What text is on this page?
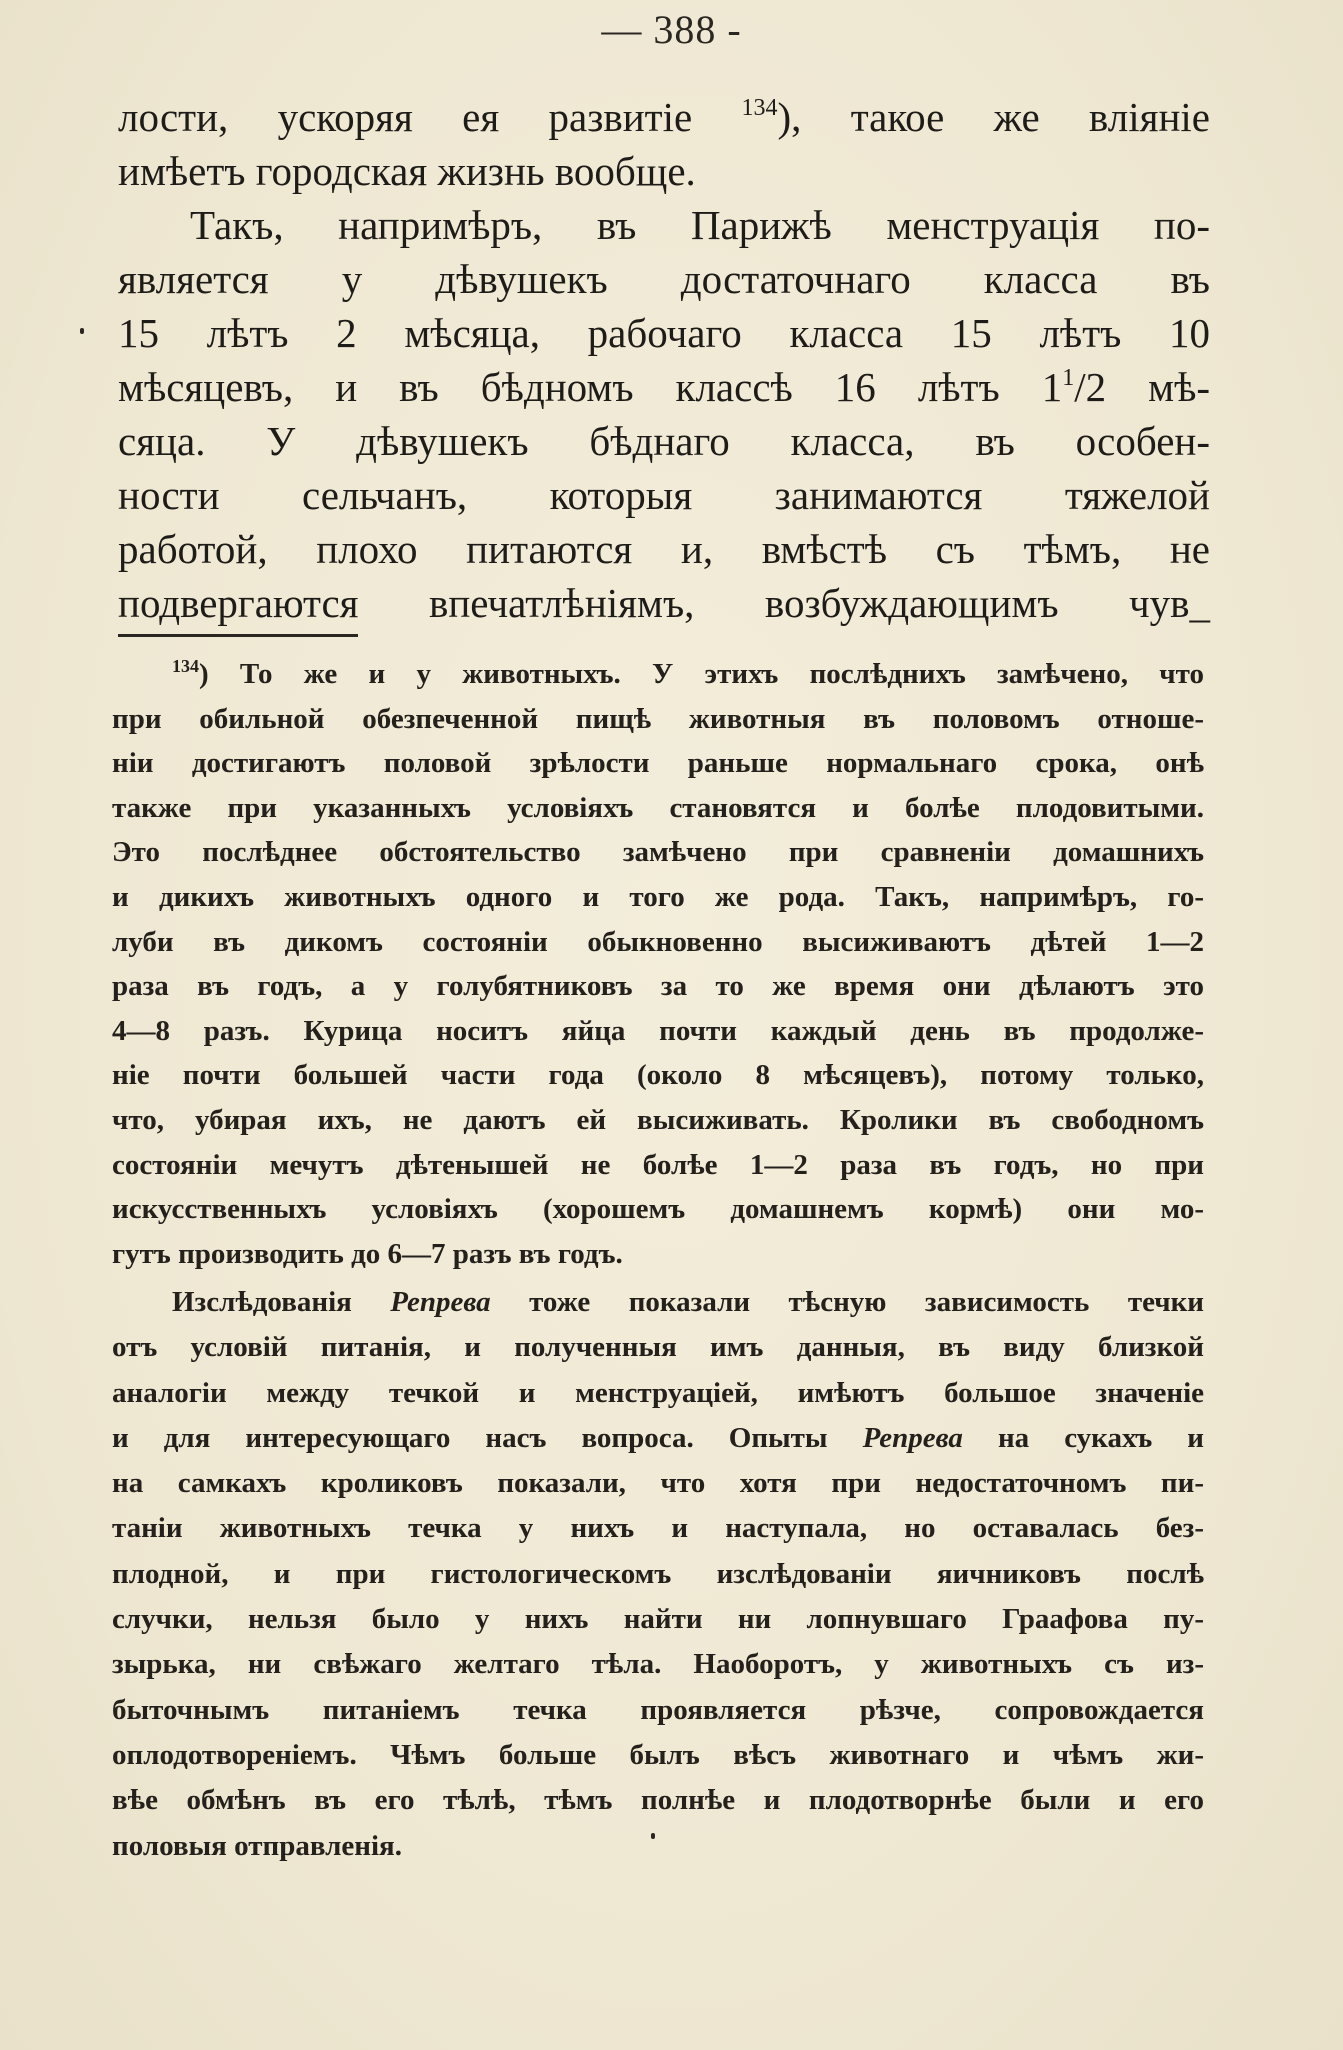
— 388 -
лости, ускоряя ея развитіе $^{134}$), такое же вліяніе
имѣетъ городская жизнь вообще.
Такъ, напримѣръ, въ Парижѣ менструація по-
является у дѣвушекъ достаточнаго класса въ
15 лѣтъ 2 мѣсяца, рабочаго класса 15 лѣтъ 10
мѣсяцевъ, и въ бѣдномъ классѣ 16 лѣтъ 1$^1$/2 мѣ-
сяца. У дѣвушекъ бѣднаго класса, въ особен-
ности сельчанъ, которыя занимаются тяжелой
работой, плохо питаются и, вмѣстѣ съ тѣмъ, не
подвергаются впечатлѣніямъ, возбуждающимъ чув_
$^{134}$) То же и у животныхъ. У этихъ послѣднихъ замѣчено, что
при обильной обезпеченной пищѣ животныя въ половомъ отноше-
ніи достигаютъ половой зрѣлости раньше нормальнаго срока, онѣ
также при указанныхъ условіяхъ становятся и болѣе плодовитыми.
Это послѣднее обстоятельство замѣчено при сравненіи домашнихъ
и дикихъ животныхъ одного и того же рода. Такъ, напримѣръ, го-
луби въ дикомъ состояніи обыкновенно высиживаютъ дѣтей 1—2
раза въ годъ, а у голубятниковъ за то же время они дѣлаютъ это
4—8 разъ. Курица носитъ яйца почти каждый день въ продолже-
ніе почти большей части года (около 8 мѣсяцевъ), потому только,
что, убирая ихъ, не даютъ ей высиживать. Кролики въ свободномъ
состояніи мечутъ дѣтенышей не болѣе 1—2 раза въ годъ, но при
искусственныхъ условіяхъ (хорошемъ домашнемъ кормѣ) они мо-
гутъ производить до 6—7 разъ въ годъ.
Изслѣдованія Репрева тоже показали тѣсную зависимость течки
отъ условій питанія, и полученныя имъ данныя, въ виду близкой
аналогіи между течкой и менструаціей, имѣютъ большое значеніе
и для интересующаго насъ вопроса. Опыты Репрева на сукахъ и
на самкахъ кроликовъ показали, что хотя при недостаточномъ пи-
таніи животныхъ течка у нихъ и наступала, но оставалась без-
плодной, и при гистологическомъ изслѣдованіи яичниковъ послѣ
случки, нельзя было у нихъ найти ни лопнувшаго Граафова пу-
зырька, ни свѣжаго желтаго тѣла. Наоборотъ, у животныхъ съ из-
быточнымъ питаніемъ течка проявляется рѣзче, сопровождается
оплодотвореніемъ. Чѣмъ больше былъ вѣсъ животнаго и чѣмъ жи-
вѣе обмѣнъ въ его тѣлѣ, тѣмъ полнѣе и плодотворнѣе были и его
половыя отправленія.
